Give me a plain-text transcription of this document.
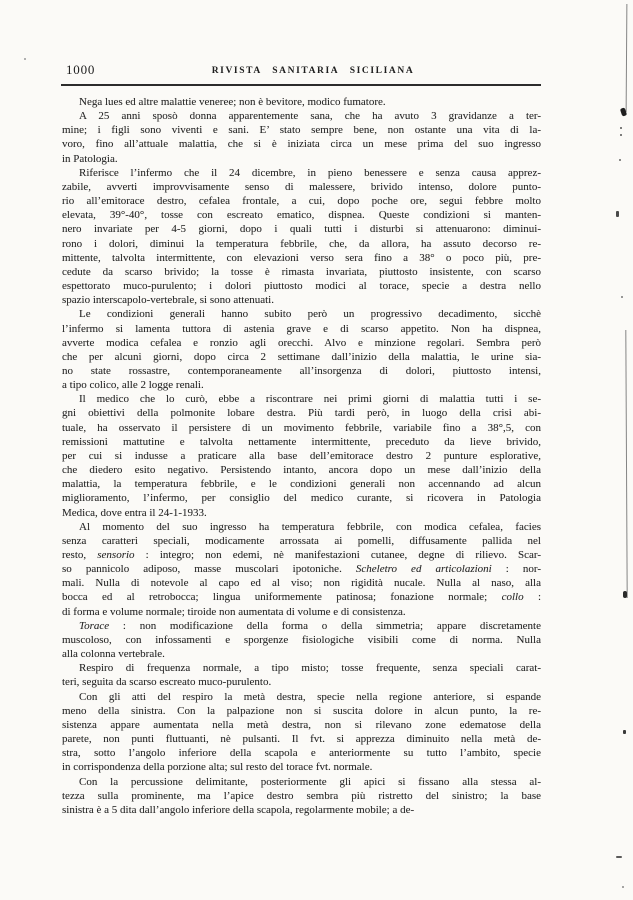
1000	RIVISTA SANITARIA SICILIANA
Nega lues ed altre malattie veneree; non è bevitore, modico fumatore.
A 25 anni sposò donna apparentemente sana, che ha avuto 3 gravidanze a ter-
mine; i figli sono viventi e sani. E’ stato sempre bene, non ostante una vita di la-
voro, fino all’attuale malattia, che si è iniziata circa un mese prima del suo ingresso
in Patologia.
Riferisce l’infermo che il 24 dicembre, in pieno benessere e senza causa apprez-
zabile, avverti improvvisamente senso di malessere, brivido intenso, dolore punto-
rio all’emitorace destro, cefalea frontale, a cui, dopo poche ore, segui febbre molto
elevata, 39°-40°, tosse con escreato ematico, dispnea. Queste condizioni si manten-
nero invariate per 4-5 giorni, dopo i quali tutti i disturbi si attenuarono: diminui-
rono i dolori, diminui la temperatura febbrile, che, da allora, ha assuto decorso re-
mittente, talvolta intermittente, con elevazioni verso sera fino a 38° o poco più, pre-
cedute da scarso brivido; la tosse è rimasta invariata, piuttosto insistente, con scarso
espettorato muco-purulento; i dolori piuttosto modici al torace, specie a destra nello
spazio interscapolo-vertebrale, si sono attenuati.
Le condizioni generali hanno subito però un progressivo decadimento, sicchè
l’infermo si lamenta tuttora di astenia grave e di scarso appetito. Non ha dispnea,
avverte modica cefalea e ronzio agli orecchi. Alvo e minzione regolari. Sembra però
che per alcuni giorni, dopo circa 2 settimane dall’inizio della malattia, le urine sia-
no state rossastre, contemporaneamente all’insorgenza di dolori, piuttosto intensi,
a tipo colico, alle 2 logge renali.
Il medico che lo curò, ebbe a riscontrare nei primi giorni di malattia tutti i se-
gni obiettivi della polmonite lobare destra. Più tardi però, in luogo della crisi abi-
tuale, ha osservato il persistere di un movimento febbrile, variabile fino a 38°,5, con
remissioni mattutine e talvolta nettamente intermittente, preceduto da lieve brivido,
per cui si indusse a praticare alla base dell’emitorace destro 2 punture esplorative,
che diedero esito negativo. Persistendo intanto, ancora dopo un mese dall’inizio della
malattia, la temperatura febbrile, e le condizioni generali non accennando ad alcun
miglioramento, l’infermo, per consiglio del medico curante, si ricovera in Patologia
Medica, dove entra il 24-1-1933.
Al momento del suo ingresso ha temperatura febbrile, con modica cefalea, facies
senza caratteri speciali, modicamente arrossata ai pomelli, diffusamente pallida nel
resto, sensorio : integro; non edemi, nè manifestazioni cutanee, degne di rilievo. Scar-
so pannicolo adiposo, masse muscolari ipotoniche. Scheletro ed articolazioni : nor-
mali. Nulla di notevole al capo ed al viso; non rigidità nucale. Nulla al naso, alla
bocca ed al retrobocca; lingua uniformemente patinosa; fonazione normale; collo :
di forma e volume normale; tiroide non aumentata di volume e di consistenza.
Torace : non modificazione della forma o della simmetria; appare discretamente
muscoloso, con infossamenti e sporgenze fisiologiche visibili come di norma. Nulla
alla colonna vertebrale.
Respiro di frequenza normale, a tipo misto; tosse frequente, senza speciali carat-
teri, seguita da scarso escreato muco-purulento.
Con gli atti del respiro la metà destra, specie nella regione anteriore, si espande
meno della sinistra. Con la palpazione non si suscita dolore in alcun punto, la re-
sistenza appare aumentata nella metà destra, non si rilevano zone edematose della
parete, non punti fluttuanti, nè pulsanti. Il fvt. si apprezza diminuito nella metà de-
stra, sotto l’angolo inferiore della scapola e anteriormente su tutto l’ambito, specie
in corrispondenza della porzione alta; sul resto del torace fvt. normale.
Con la percussione delimitante, posteriormente gli apici si fissano alla stessa al-
tezza sulla prominente, ma l’apice destro sembra più ristretto del sinistro; la base
sinistra è a 5 dita dall’angolo inferiore della scapola, regolarmente mobile; a de-
